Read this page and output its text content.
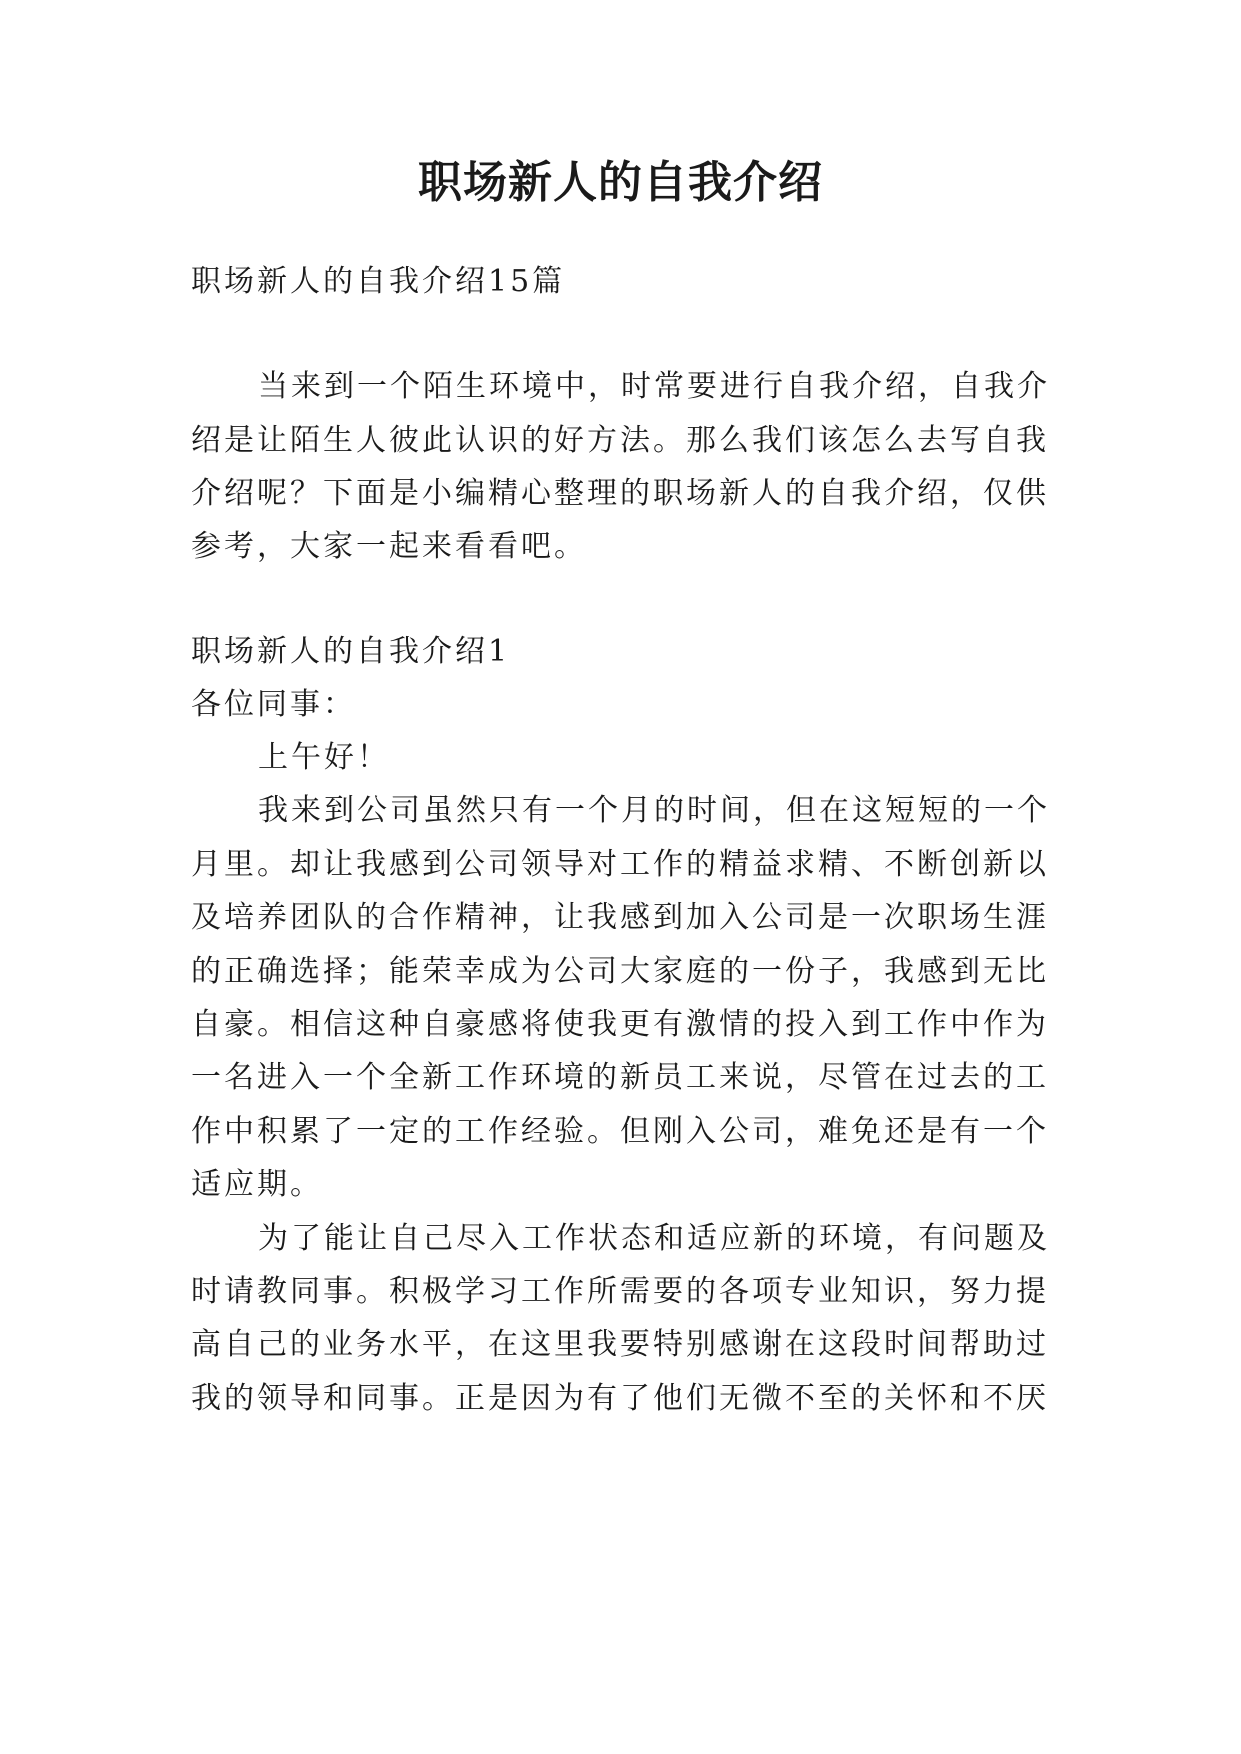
职场新人的自我介绍
职场新人的自我介绍15篇
当来到一个陌生环境中，时常要进行自我介绍，自我介
绍是让陌生人彼此认识的好方法。那么我们该怎么去写自我
介绍呢？下面是小编精心整理的职场新人的自我介绍，仅供
参考，大家一起来看看吧。
职场新人的自我介绍1
各位同事：
上午好！
我来到公司虽然只有一个月的时间，但在这短短的一个
月里。却让我感到公司领导对工作的精益求精、不断创新以
及培养团队的合作精神，让我感到加入公司是一次职场生涯
的正确选择；能荣幸成为公司大家庭的一份子，我感到无比
自豪。相信这种自豪感将使我更有激情的投入到工作中作为
一名进入一个全新工作环境的新员工来说，尽管在过去的工
作中积累了一定的工作经验。但刚入公司，难免还是有一个
适应期。
为了能让自己尽入工作状态和适应新的环境，有问题及
时请教同事。积极学习工作所需要的各项专业知识，努力提
高自己的业务水平，在这里我要特别感谢在这段时间帮助过
我的领导和同事。正是因为有了他们无微不至的关怀和不厌
